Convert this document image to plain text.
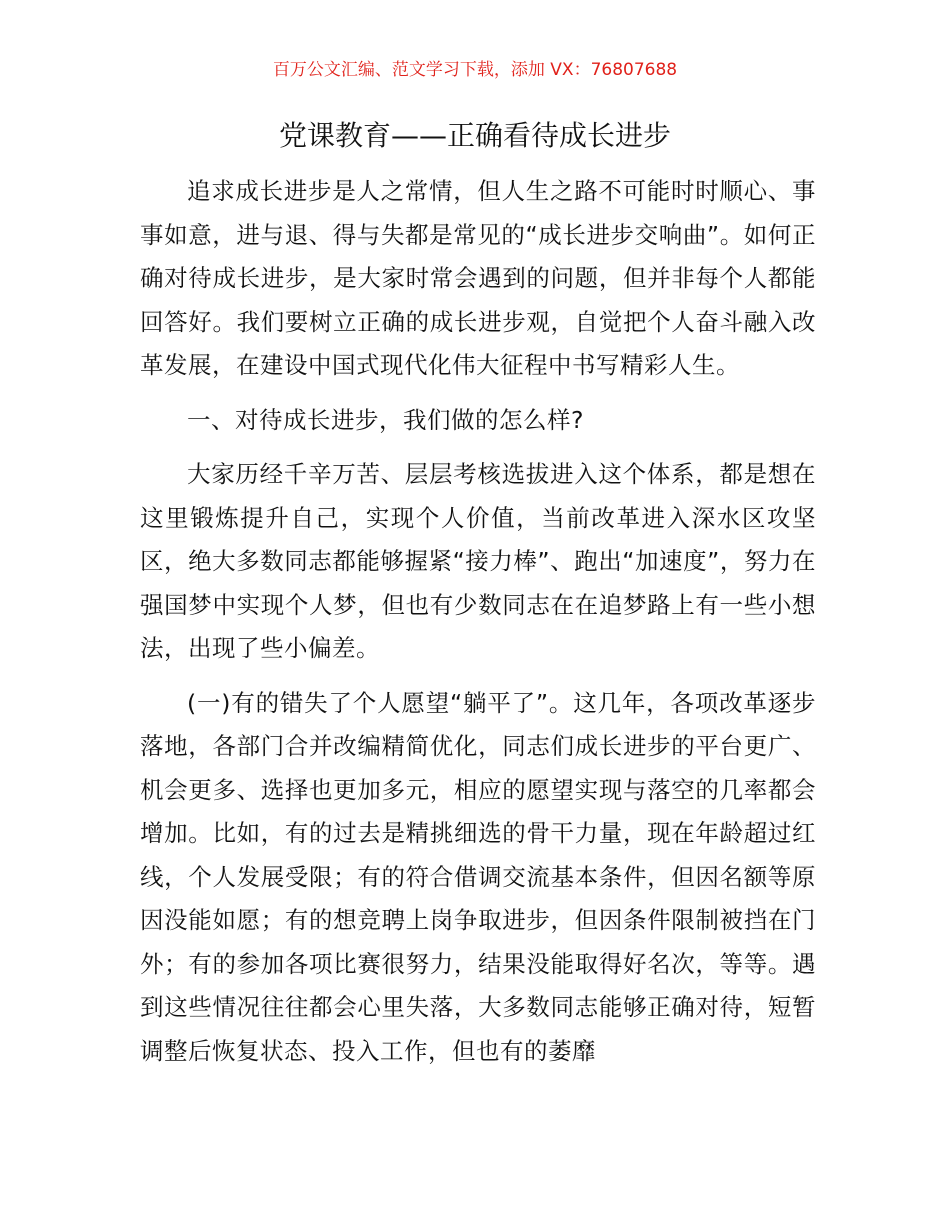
百万公文汇编、范文学习下载，添加 VX：76807688
党课教育——正确看待成长进步

追求成长进步是人之常情，但人生之路不可能时时顺心、事事如意，进与退、得与失都是常见的“成长进步交响曲”。如何正确对待成长进步，是大家时常会遇到的问题，但并非每个人都能回答好。我们要树立正确的成长进步观，自觉把个人奋斗融入改革发展，在建设中国式现代化伟大征程中书写精彩人生。

一、对待成长进步，我们做的怎么样?

大家历经千辛万苦、层层考核选拔进入这个体系，都是想在这里锻炼提升自己，实现个人价值，当前改革进入深水区攻坚区，绝大多数同志都能够握紧“接力棒”、跑出“加速度”，努力在强国梦中实现个人梦，但也有少数同志在在追梦路上有一些小想法，出现了些小偏差。

(一)有的错失了个人愿望“躺平了”。这几年，各项改革逐步落地，各部门合并改编精简优化，同志们成长进步的平台更广、机会更多、选择也更加多元，相应的愿望实现与落空的几率都会增加。比如，有的过去是精挑细选的骨干力量，现在年龄超过红线，个人发展受限；有的符合借调交流基本条件，但因名额等原因没能如愿；有的想竞聘上岗争取进步，但因条件限制被挡在门外；有的参加各项比赛很努力，结果没能取得好名次，等等。遇到这些情况往往都会心里失落，大多数同志能够正确对待，短暂调整后恢复状态、投入工作，但也有的萎靡
